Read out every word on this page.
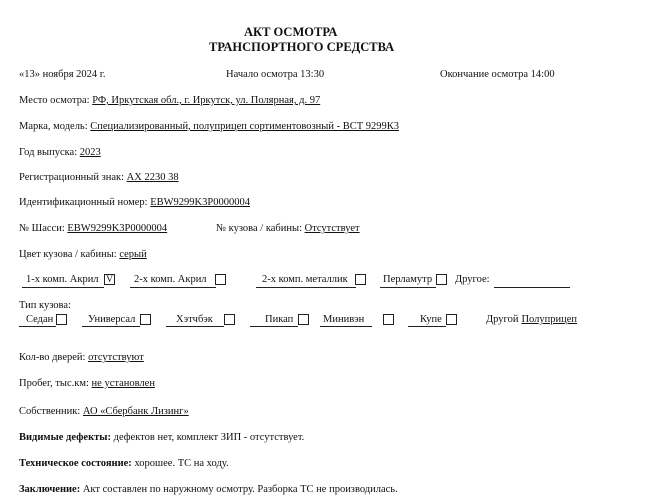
АКТ ОСМОТРА
ТРАНСПОРТНОГО СРЕДСТВА
«13» ноября 2024 г.	Начало осмотра 13:30	Окончание осмотра 14:00
Место осмотра: РФ, Иркутская обл., г. Иркутск, ул. Полярная, д. 97
Марка, модель: Специализированный, полуприцеп сортиментовозный - ВСТ 9299К3
Год выпуска: 2023
Регистрационный знак: АХ 2230 38
Идентификационный номер: EBW9299K3P0000004
№ Шасси: EBW9299K3P0000004	№ кузова / кабины: Отсутствует
Цвет кузова / кабины: серый
1-х комп. Акрил V 2-х комп. Акрил	2-х комп. металлик	Перламутр Другое:
Тип кузова:
Седан	Универсал	Хэтчбэк	Пикап	Минивэн	Купе	Другой Полуприцеп
Кол-во дверей: отсутствуют
Пробег, тыс.км: не установлен
Собственник: АО «Сбербанк Лизинг»
Видимые дефекты: дефектов нет, комплект ЗИП - отсутствует.
Техническое состояние: хорошее. ТС на ходу.
Заключение: Акт составлен по наружному осмотру. Разборка ТС не производилась.
